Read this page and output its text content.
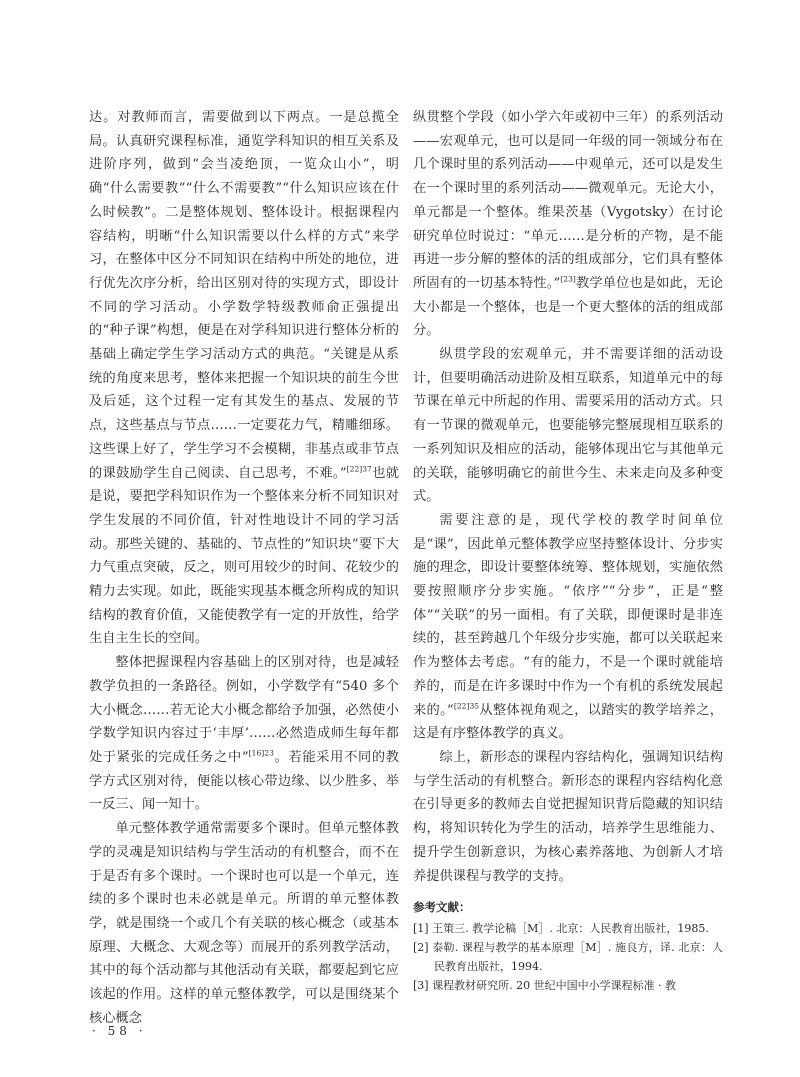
达。对教师而言，需要做到以下两点。一是总揽全局。认真研究课程标准，通览学科知识的相互关系及进阶序列，做到“会当凌绝顶，一览众山小”，明确“什么需要教”“什么不需要教”“什么知识应该在什么时候教”。二是整体规划、整体设计。根据课程内容结构，明晰“什么知识需要以什么样的方式”来学习，在整体中区分不同知识在结构中所处的地位，进行优先次序分析，给出区别对待的实现方式，即设计不同的学习活动。小学数学特级教师俞正强提出的“种子课”构想，便是在对学科知识进行整体分析的基础上确定学生学习活动方式的典范。“关键是从系统的角度来思考，整体来把握一个知识块的前生今世及后延，这个过程一定有其发生的基点、发展的节点，这些基点与节点……一定要花力气，精雕细琢。这些课上好了，学生学习不会模糊，非基点或非节点的课鼓励学生自己阅读、自己思考，不难。”$^{[22]37}$也就是说，要把学科知识作为一个整体来分析不同知识对学生发展的不同价值，针对性地设计不同的学习活动。那些关键的、基础的、节点性的“知识块”要下大力气重点突破，反之，则可用较少的时间、花较少的精力去实现。如此，既能实现基本概念所构成的知识结构的教育价值，又能使教学有一定的开放性，给学生自主生长的空间。

整体把握课程内容基础上的区别对待，也是减轻教学负担的一条路径。例如，小学数学有“540 多个大小概念……若无论大小概念都给予加强，必然使小学数学知识内容过于‘丰厚’……必然造成师生每年都处于紧张的完成任务之中”$^{[16]23}$。若能采用不同的教学方式区别对待，便能以核心带边缘、以少胜多、举一反三、闻一知十。

单元整体教学通常需要多个课时。但单元整体教学的灵魂是知识结构与学生活动的有机整合，而不在于是否有多个课时。一个课时也可以是一个单元，连续的多个课时也未必就是单元。所谓的单元整体教学，就是围绕一个或几个有关联的核心概念（或基本原理、大概念、大观念等）而展开的系列教学活动，其中的每个活动都与其他活动有关联，都要起到它应该起的作用。这样的单元整体教学，可以是围绕某个核心概念

纵贯整个学段（如小学六年或初中三年）的系列活动——宏观单元，也可以是同一年级的同一领域分布在几个课时里的系列活动——中观单元，还可以是发生在一个课时里的系列活动——微观单元。无论大小，单元都是一个整体。维果茨基（Vygotsky）在讨论研究单位时说过：“单元……是分析的产物，是不能再进一步分解的整体的活的组成部分，它们具有整体所固有的一切基本特性。”[23]教学单位也是如此，无论大小都是一个整体，也是一个更大整体的活的组成部分。

纵贯学段的宏观单元，并不需要详细的活动设计，但要明确活动进阶及相互联系，知道单元中的每节课在单元中所起的作用、需要采用的活动方式。只有一节课的微观单元，也要能够完整展现相互联系的一系列知识及相应的活动，能够体现出它与其他单元的关联，能够明确它的前世今生、未来走向及多种变式。

需要注意的是，现代学校的教学时间单位是“课”，因此单元整体教学应坚持整体设计、分步实施的理念，即设计要整体统筹、整体规划，实施依然要按照顺序分步实施。“依序”“分步”，正是“整体”“关联”的另一面相。有了关联，即便课时是非连续的，甚至跨越几个年级分步实施，都可以关联起来作为整体去考虑。“有的能力，不是一个课时就能培养的，而是在许多课时中作为一个有机的系统发展起来的。”$^{[22]35}$从整体视角观之，以踏实的教学培养之，这是有序整体教学的真义。

综上，新形态的课程内容结构化，强调知识结构与学生活动的有机整合。新形态的课程内容结构化意在引导更多的教师去自觉把握知识背后隐藏的知识结构，将知识转化为学生的活动，培养学生思维能力、提升学生创新意识，为核心素养落地、为创新人才培养提供课程与教学的支持。

参考文献：

[1] 王策三. 教学论稿［M］. 北京：人民教育出版社，1985.

[2] 泰勒. 课程与教学的基本原理［M］. 施良方，译. 北京：人民教育出版社，1994.

[3] 课程教材研究所. 20 世纪中国中小学课程标准 · 教

· 58 ·
